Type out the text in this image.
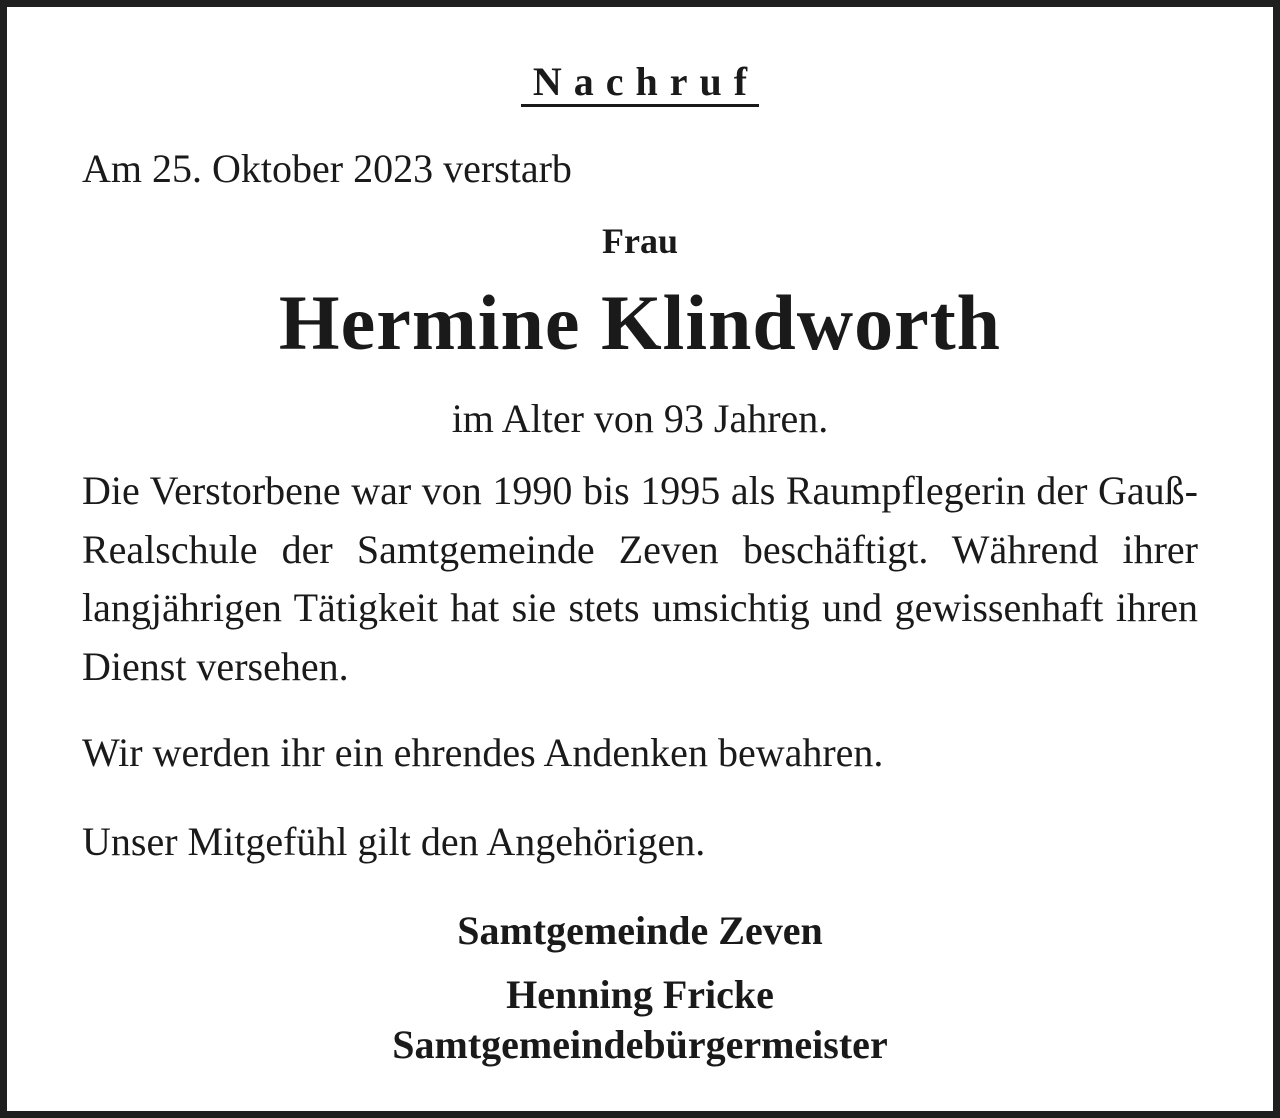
Nachruf
Am 25. Oktober 2023 verstarb
Frau
Hermine Klindworth
im Alter von 93 Jahren.
Die Verstorbene war von 1990 bis 1995 als Raumpflegerin der Gauß-Realschule der Samtgemeinde Zeven beschäftigt. Während ihrer langjährigen Tätigkeit hat sie stets umsichtig und gewissenhaft ihren Dienst versehen.
Wir werden ihr ein ehrendes Andenken bewahren.
Unser Mitgefühl gilt den Angehörigen.
Samtgemeinde Zeven
Henning Fricke
Samtgemeindebürgermeister
